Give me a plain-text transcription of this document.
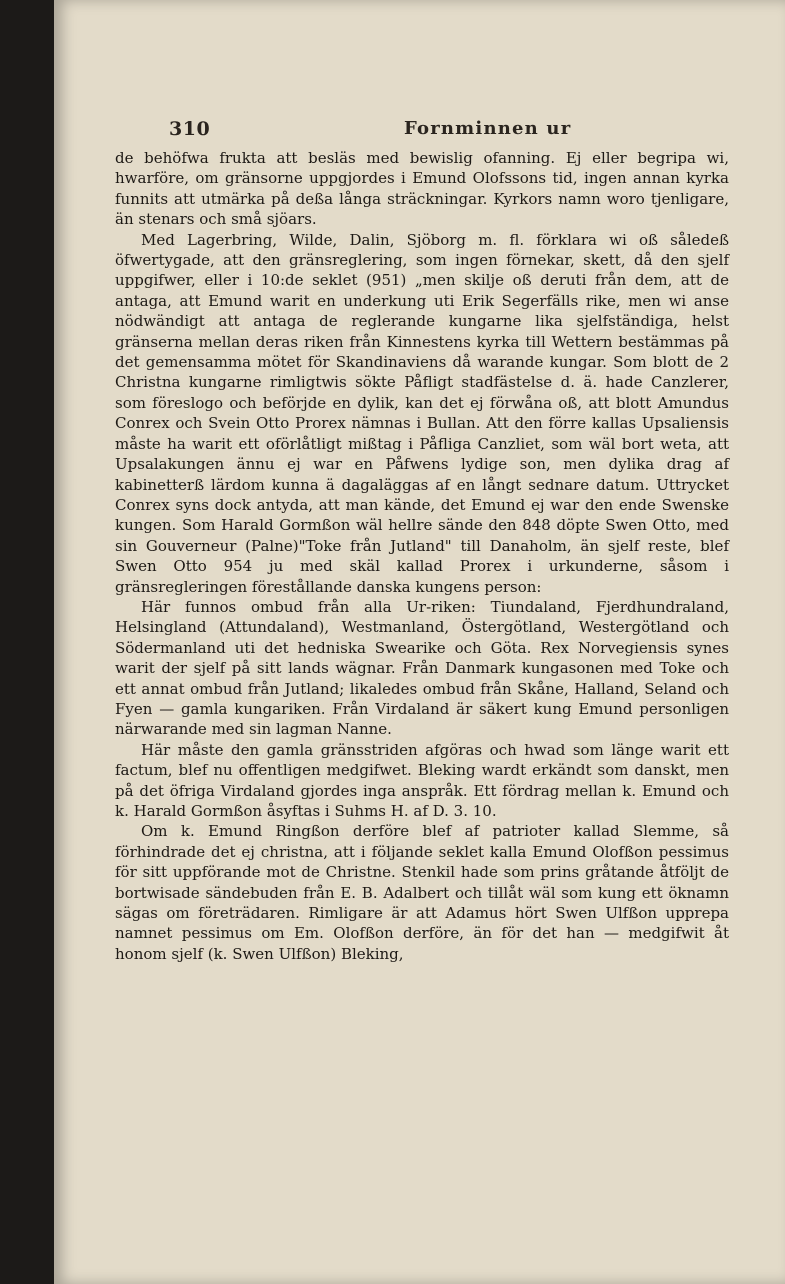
310	Fornminnen ur

de behöfwa frukta att besläs med bewislig ofanning. Ej eller begripa wi, hwarföre, om gränsorne uppgjordes i Emund Olofssons tid, ingen annan kyrka funnits att utmärka på deßa långa sträckningar. Kyrkors namn woro tjenligare, än stenars och små sjöars.

Med Lagerbring, Wilde, Dalin, Sjöborg m. fl. förklara wi oß såledeß öfwertygade, att den gränsreglering, som ingen förnekar, skett, då den sjelf uppgifwer, eller i 10:de seklet (951) „men skilje oß deruti från dem, att de antaga, att Emund warit en underkung uti Erik Segerfälls rike, men wi anse nödwändigt att antaga de reglerande kungarne lika sjelfständiga, helst gränserna mellan deras riken från Kinnestens kyrka till Wettern bestämmas på det gemensamma mötet för Skandinaviens då warande kungar. Som blott de 2 Christna kungarne rimligtwis sökte Påfligt stadfästelse d. ä. hade Canzlerer, som föreslogo och beförjde en dylik, kan det ej förwåna oß, att blott Amundus Conrex och Svein Otto Prorex nämnas i Bullan. Att den förre kallas Upsaliensis måste ha warit ett oförlåtligt mißtag i Påfliga Canzliet, som wäl bort weta, att Upsalakungen ännu ej war en Påfwens lydige son, men dylika drag af kabinetterß lärdom kunna ä dagaläggas af en långt sednare datum. Uttrycket Conrex syns dock antyda, att man kände, det Emund ej war den ende Swenske kungen. Som Harald Gormßon wäl hellre sände den 848 döpte Swen Otto, med sin Gouverneur (Palne)"Toke från Jutland" till Danaholm, än sjelf reste, blef Swen Otto 954 ju med skäl kallad Prorex i urkunderne, såsom i gränsregleringen förestållande danska kungens person:

Här funnos ombud från alla Ur-riken: Tiundaland, Fjerdhundraland, Helsingland (Attundaland), Westmanland, Östergötland, Westergötland och Södermanland uti det hedniska Swearike och Göta. Rex Norvegiensis synes warit der sjelf på sitt lands wägnar. Från Danmark kungasonen med Toke och ett annat ombud från Jutland; likaledes ombud från Skåne, Halland, Seland och Fyen — gamla kungariken. Från Virdaland är säkert kung Emund personligen närwarande med sin lagman Nanne.

Här måste den gamla gränsstriden afgöras och hwad som länge warit ett factum, blef nu offentligen medgifwet. Bleking wardt erkändt som danskt, men på det öfriga Virdaland gjordes inga anspråk. Ett fördrag mellan k. Emund och k. Harald Gormßon åsyftas i Suhms H. af D. 3. 10.

Om k. Emund Ringßon derföre blef af patrioter kallad Slemme, så förhindrade det ej christna, att i följande seklet kalla Emund Olofßon pessimus för sitt uppförande mot de Christne. Stenkil hade som prins gråtande åtföljt de bortwisade sändebuden från E. B. Adalbert och tillåt wäl som kung ett öknamn sägas om företrädaren. Rimligare är att Adamus hört Swen Ulfßon upprepa namnet pessimus om Em. Olofßon derföre, än för det han — medgifwit åt honom sjelf (k. Swen Ulfßon) Bleking,
